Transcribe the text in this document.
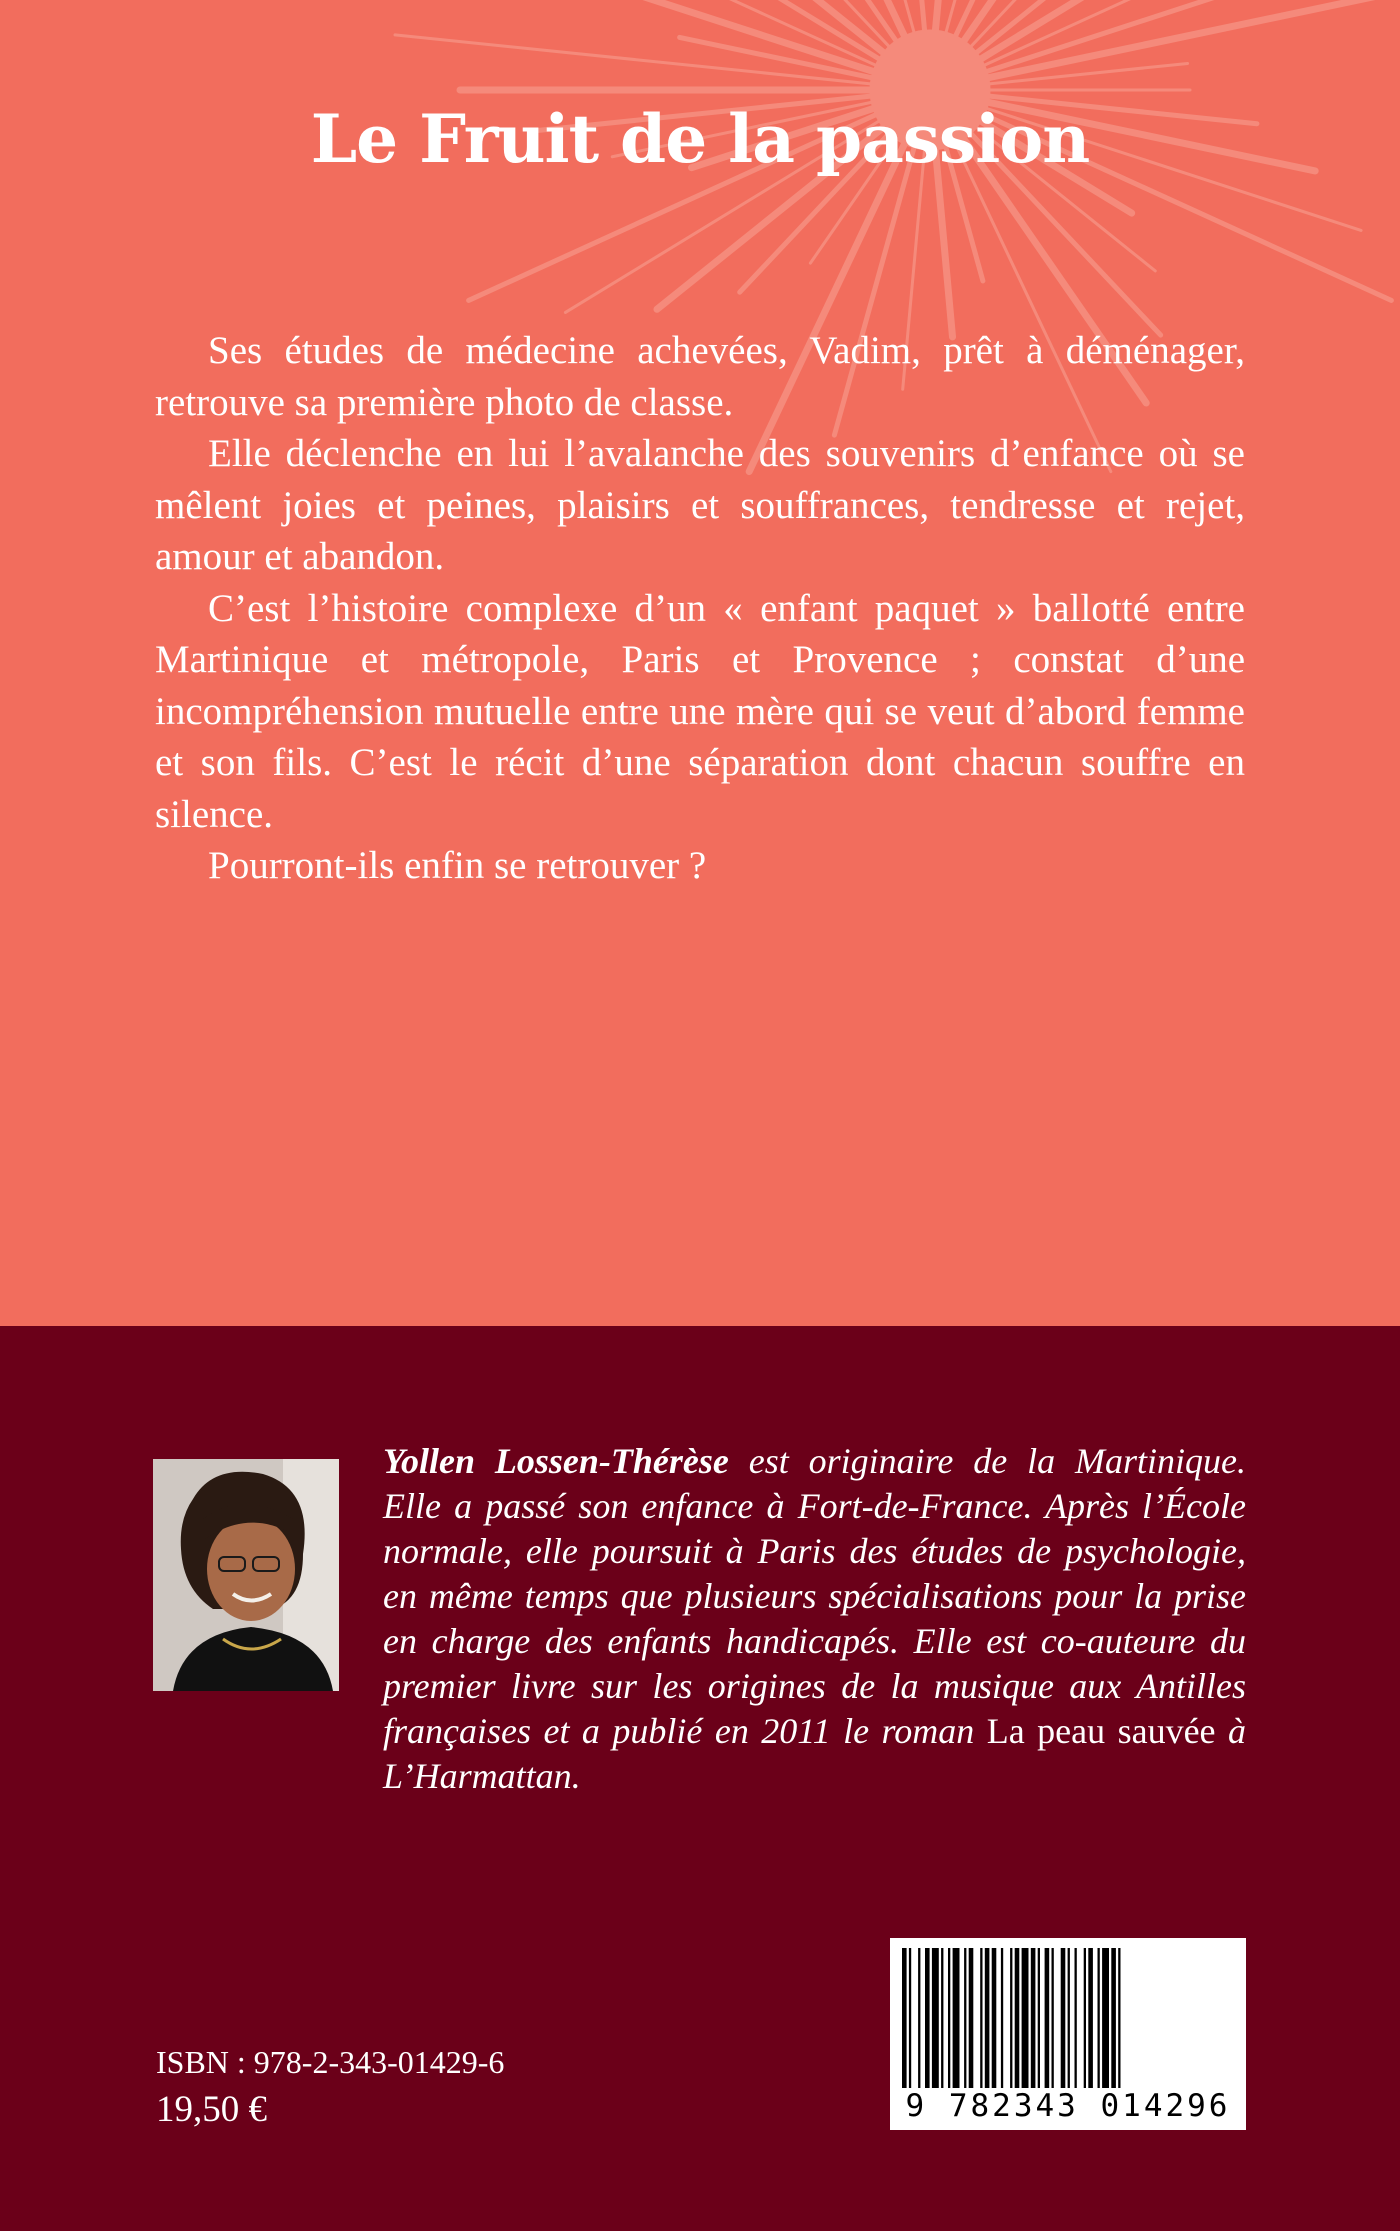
Le Fruit de la passion

Ses études de médecine achevées, Vadim, prêt à déménager, retrouve sa première photo de classe.

Elle déclenche en lui l’avalanche des souvenirs d’enfance où se mêlent joies et peines, plaisirs et souffrances, tendresse et rejet, amour et abandon.

C’est l’histoire complexe d’un « enfant paquet » ballotté entre Martinique et métropole, Paris et Provence ; constat d’une incompréhension mutuelle entre une mère qui se veut d’abord femme et son fils. C’est le récit d’une séparation dont chacun souffre en silence.

Pourront-ils enfin se retrouver ?

Yollen Lossen-Thérèse est originaire de la Martinique. Elle a passé son enfance à Fort-de-France. Après l’École normale, elle poursuit à Paris des études de psychologie, en même temps que plusieurs spécialisations pour la prise en charge des enfants handicapés. Elle est co-auteure du premier livre sur les origines de la musique aux Antilles françaises et a publié en 2011 le roman La peau sauvée à L’Harmattan.
ISBN : 978-2-343-01429-6
19,50 €	9 782343 014296
